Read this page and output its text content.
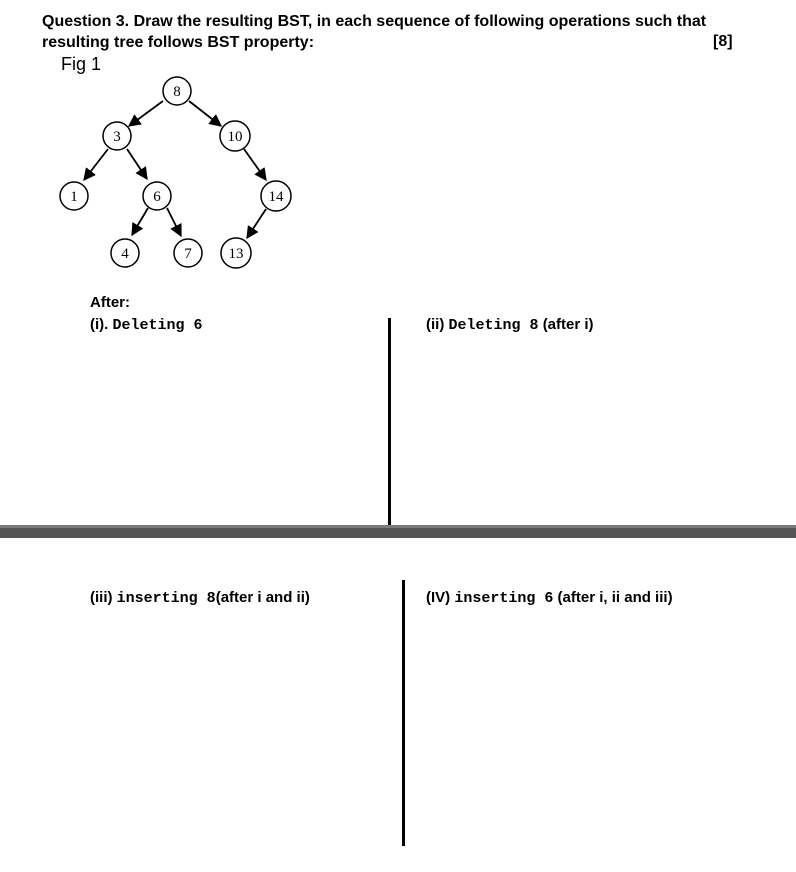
Question 3. Draw the resulting BST, in each sequence of following operations such that resulting tree follows BST property:	[8]
Fig 1
8
3	10
1	6	14
4	7 13
After:
(i). Deleting 6	(ii) Deleting 8 (after i)
(iii) inserting 8(after i and ii)	(IV) inserting 6 (after i, ii and iii)
